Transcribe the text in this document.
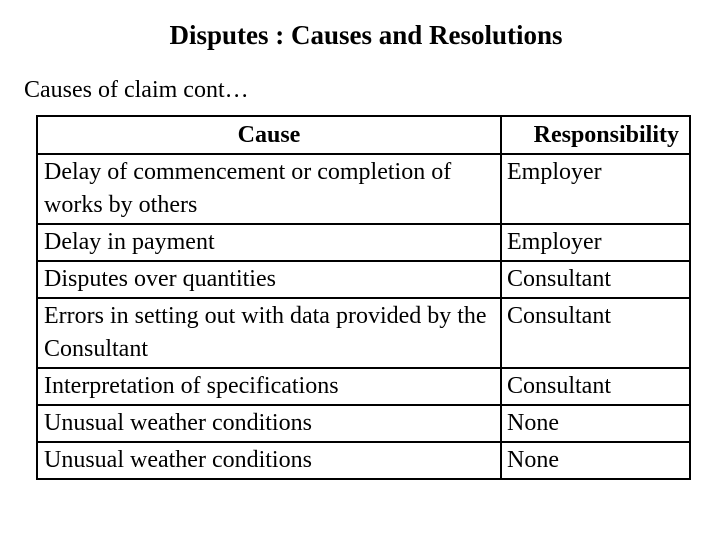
Disputes : Causes and Resolutions
Causes of claim cont…
Cause	Responsibility
Delay of commencement or completion of works by others	Employer
Delay in payment	Employer
Disputes over quantities	Consultant
Errors in setting out with data provided by the Consultant	Consultant
Interpretation of specifications	Consultant
Unusual weather conditions	None
Unusual weather conditions	None
